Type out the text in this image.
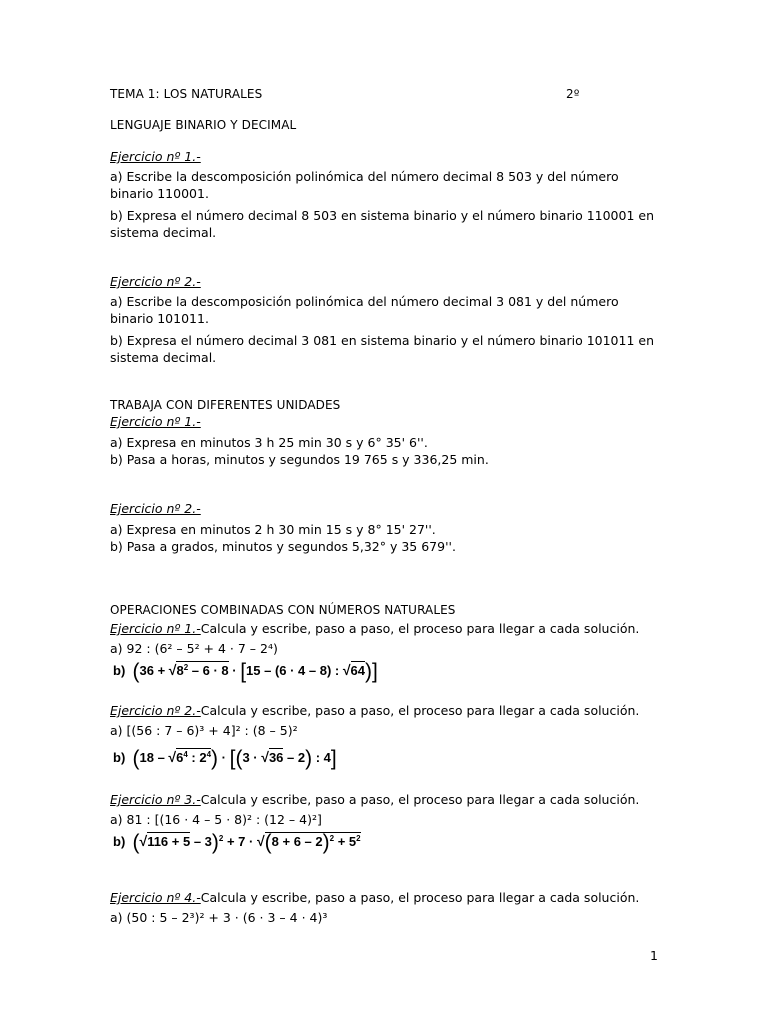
TEMA 1: LOS NATURALES	2º
LENGUAJE BINARIO Y DECIMAL
Ejercicio nº 1.-
a) Escribe la descomposición polinómica del número decimal 8 503 y del número binario 110001.
b) Expresa el número decimal 8 503 en sistema binario y el número binario 110001 en sistema decimal.
Ejercicio nº 2.-
a) Escribe la descomposición polinómica del número decimal 3 081 y del número binario 101011.
b) Expresa el número decimal 3 081 en sistema binario y el número binario 101011 en sistema decimal.
TRABAJA CON DIFERENTES UNIDADES
Ejercicio nº 1.-
a) Expresa en minutos 3 h 25 min 30 s y 6° 35' 6''.
b) Pasa a horas, minutos y segundos 19 765 s y 336,25 min.
Ejercicio nº 2.-
a) Expresa en minutos 2 h 30 min 15 s y 8° 15' 27''.
b) Pasa a grados, minutos y segundos 5,32° y 35 679''.
OPERACIONES COMBINADAS CON NÚMEROS NATURALES
Ejercicio nº 1.-Calcula y escribe, paso a paso, el proceso para llegar a cada solución.
a) 92 : (6² – 5² + 4 · 7 – 2⁴)
b)  ($36 + √8^2 - 6 \cdot 8 \cdot [15 - (6 \cdot 4 - 8)$ : √64)]
Ejercicio nº 2.-Calcula y escribe, paso a paso, el proceso para llegar a cada solución.
a) [(56 : 7 – 6)³ + 4]² : (8 – 5)²
b)  ($18 - √6^4$ : $2^4) \cdot [(3 \cdot √36 - 2)$ : 4]
Ejercicio nº 3.-Calcula y escribe, paso a paso, el proceso para llegar a cada solución.
a) 81 : [(16 · 4 – 5 · 8)² : (12 – 4)²]
b)  $(√116 + 5 - 3)^2 + 7 \cdot √(8 + 6 - 2)^2 + 5^2$
Ejercicio nº 4.-Calcula y escribe, paso a paso, el proceso para llegar a cada solución.
a) (50 : 5 – 2³)² + 3 · (6 · 3 – 4 · 4)³
1
